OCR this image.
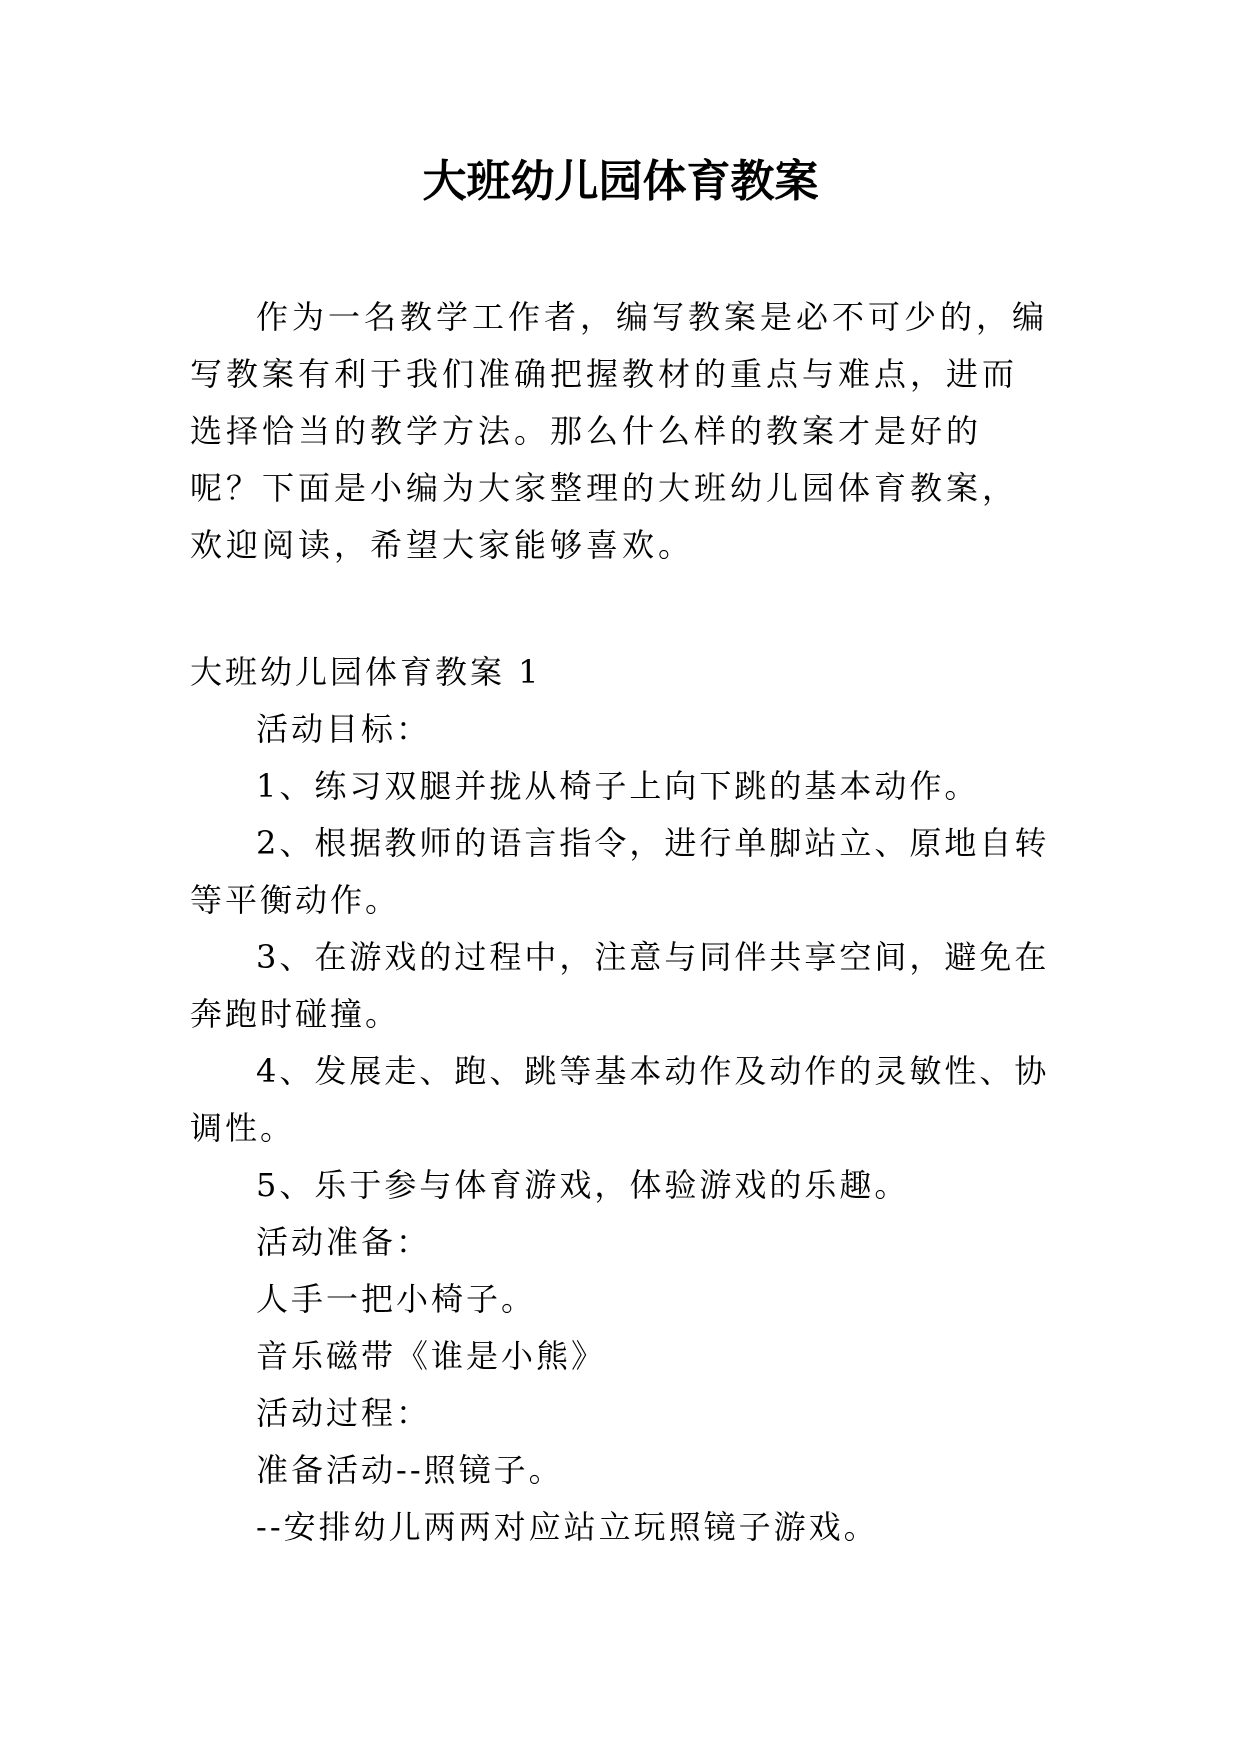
大班幼儿园体育教案

作为一名教学工作者，编写教案是必不可少的，编写教案有利于我们准确把握教材的重点与难点，进而选择恰当的教学方法。那么什么样的教案才是好的呢？下面是小编为大家整理的大班幼儿园体育教案，欢迎阅读，希望大家能够喜欢。

大班幼儿园体育教案 1

活动目标：

1、练习双腿并拢从椅子上向下跳的基本动作。

2、根据教师的语言指令，进行单脚站立、原地自转等平衡动作。

3、在游戏的过程中，注意与同伴共享空间，避免在奔跑时碰撞。

4、发展走、跑、跳等基本动作及动作的灵敏性、协调性。

5、乐于参与体育游戏，体验游戏的乐趣。

活动准备：

人手一把小椅子。

音乐磁带《谁是小熊》

活动过程：

准备活动--照镜子。

--安排幼儿两两对应站立玩照镜子游戏。
